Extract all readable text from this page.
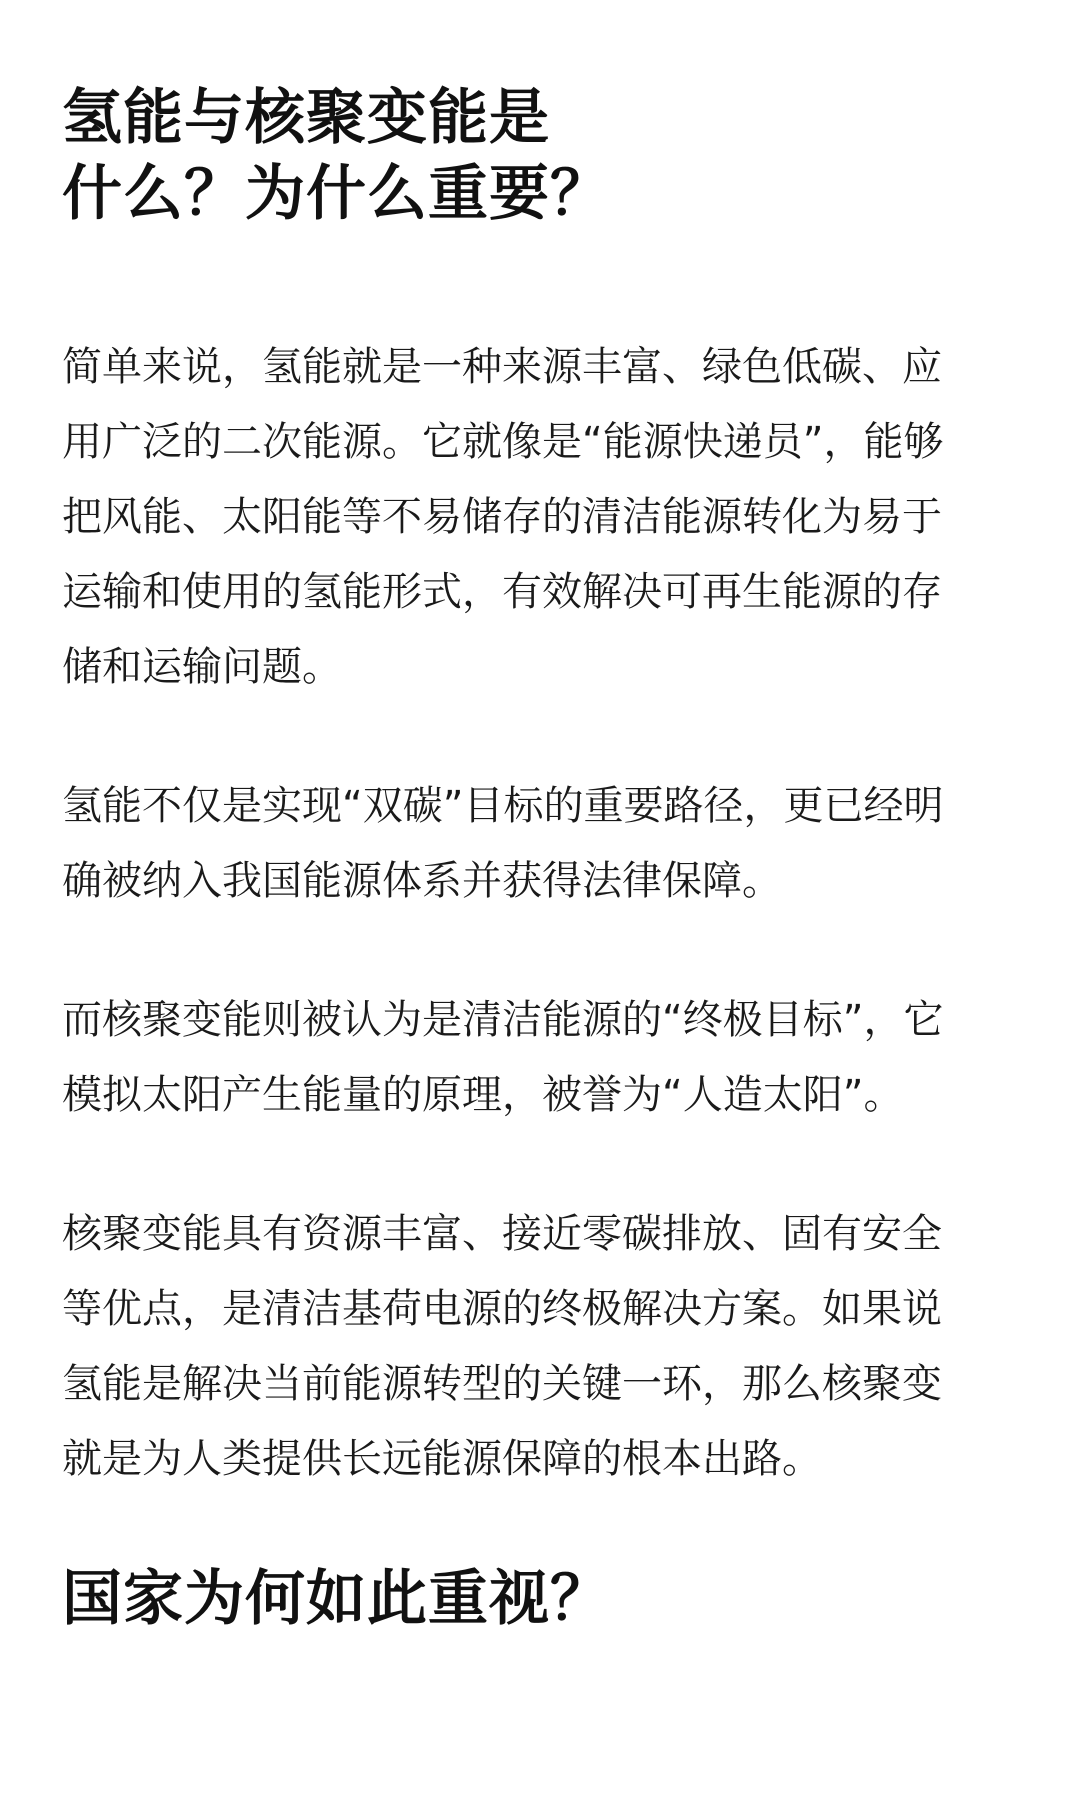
氢能与核聚变能是
什么？为什么重要？

简单来说，氢能就是一种来源丰富、绿色低碳、应
用广泛的二次能源。它就像是“能源快递员”，能够
把风能、太阳能等不易储存的清洁能源转化为易于
运输和使用的氢能形式，有效解决可再生能源的存
储和运输问题。

氢能不仅是实现“双碳”目标的重要路径，更已经明
确被纳入我国能源体系并获得法律保障。

而核聚变能则被认为是清洁能源的“终极目标”，它
模拟太阳产生能量的原理，被誉为“人造太阳”。

核聚变能具有资源丰富、接近零碳排放、固有安全
等优点，是清洁基荷电源的终极解决方案。如果说
氢能是解决当前能源转型的关键一环，那么核聚变
就是为人类提供长远能源保障的根本出路。

国家为何如此重视？
